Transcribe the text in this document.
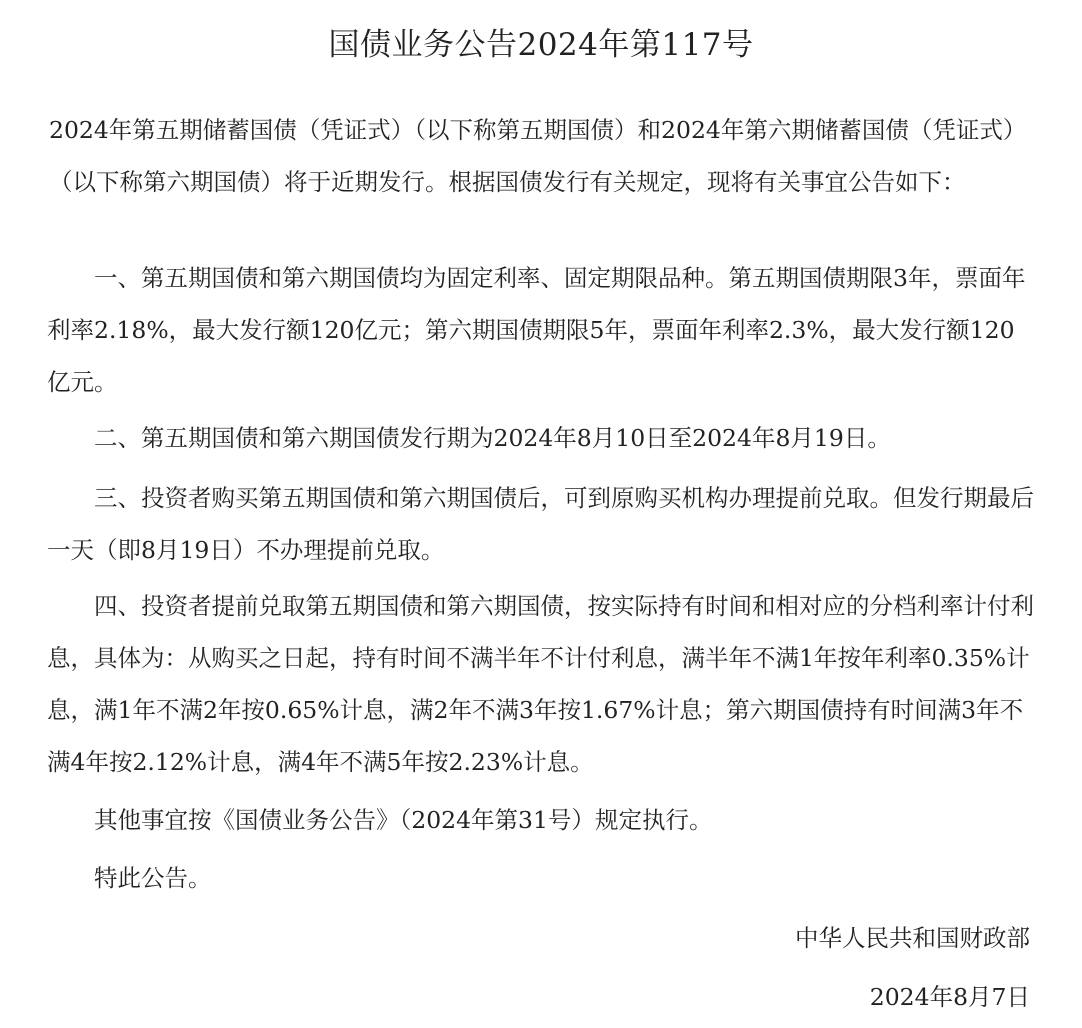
国债业务公告2024年第117号

2024年第五期储蓄国债（凭证式）（以下称第五期国债）和2024年第六期储蓄国债（凭证式）（以下称第六期国债）将于近期发行。根据国债发行有关规定，现将有关事宜公告如下：

一、第五期国债和第六期国债均为固定利率、固定期限品种。第五期国债期限3年，票面年利率2.18%，最大发行额120亿元；第六期国债期限5年，票面年利率2.3%，最大发行额120亿元。

二、第五期国债和第六期国债发行期为2024年8月10日至2024年8月19日。

三、投资者购买第五期国债和第六期国债后，可到原购买机构办理提前兑取。但发行期最后一天（即8月19日）不办理提前兑取。

四、投资者提前兑取第五期国债和第六期国债，按实际持有时间和相对应的分档利率计付利息，具体为：从购买之日起，持有时间不满半年不计付利息，满半年不满1年按年利率0.35%计息，满1年不满2年按0.65%计息，满2年不满3年按1.67%计息；第六期国债持有时间满3年不满4年按2.12%计息，满4年不满5年按2.23%计息。

其他事宜按《国债业务公告》（2024年第31号）规定执行。

特此公告。

中华人民共和国财政部
2024年8月7日
